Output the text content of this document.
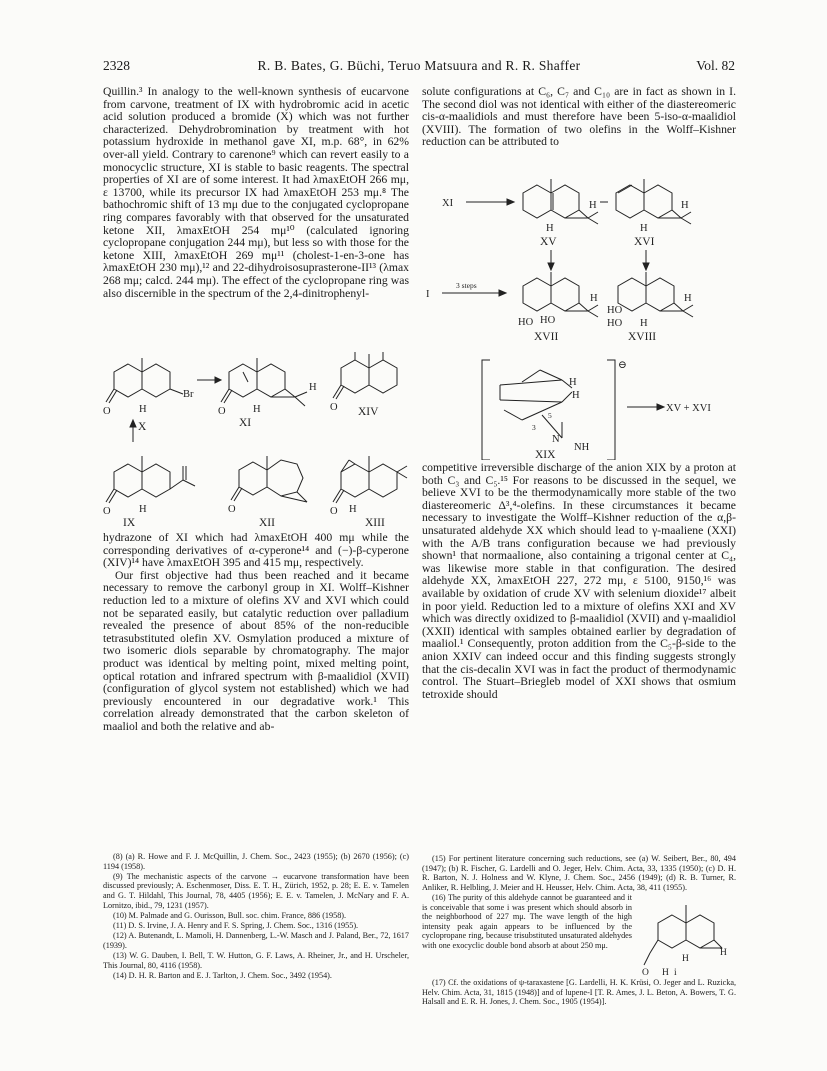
2328	R. B. Bates, G. Büchi, Teruo Matsuura and R. R. Shaffer	Vol. 82

Quillin.³ In analogy to the well-known synthesis of eucarvone from carvone, treatment of IX with hydrobromic acid in acetic acid solution produced a bromide (X) which was not further characterized. Dehydrobromination by treatment with hot potassium hydroxide in methanol gave XI, m.p. 68°, in 62% over-all yield. Contrary to carenone⁹ which can revert easily to a monocyclic structure, XI is stable to basic reagents. The spectral properties of XI are of some interest. It had λmaxEtOH 266 mμ, ε 13700, while its precursor IX had λmaxEtOH 253 mμ.⁸ The bathochromic shift of 13 mμ due to the conjugated cyclopropane ring compares favorably with that observed for the unsaturated ketone XII, λmaxEtOH 254 mμ¹⁰ (calculated ignoring cyclopropane conjugation 244 mμ), but less so with those for the ketone XIII, λmaxEtOH 269 mμ¹¹ (cholest-1-en-3-one has λmaxEtOH 230 mμ),¹² and 22-dihydroisosuprasterone-II¹³ (λmax 268 mμ; calcd. 244 mμ). The effect of the cyclopropane ring was also discernible in the spectrum of the 2,4-dinitrophenyl-

Br
O	H
X
O	H
H
XI
O XIV
O	H
IX
O
XII
O H
XIII

hydrazone of XI which had λmaxEtOH 400 mμ while the corresponding derivatives of α-cyperone¹⁴ and (−)-β-cyperone (XIV)¹⁴ have λmaxEtOH 395 and 415 mμ, respectively.

Our first objective had thus been reached and it became necessary to remove the carbonyl group in XI. Wolff–Kishner reduction led to a mixture of olefins XV and XVI which could not be separated easily, but catalytic reduction over palladium revealed the presence of about 85% of the non-reducible tetrasubstituted olefin XV. Osmylation produced a mixture of two isomeric diols separable by chromatography. The major product was identical by melting point, mixed melting point, optical rotation and infrared spectrum with β-maalidiol (XVII) (configuration of glycol system not established) which we had previously encountered in our degradative work.¹ This correlation already demonstrated that the carbon skeleton of maaliol and both the relative and ab-

(8) (a) R. Howe and F. J. McQuillin, J. Chem. Soc., 2423 (1955); (b) 2670 (1956); (c) 1194 (1958).

(9) The mechanistic aspects of the carvone → eucarvone transformation have been discussed previously; A. Eschenmoser, Diss. E. T. H., Zürich, 1952, p. 28; E. E. v. Tamelen and G. T. Hildahl, This Journal, 78, 4405 (1956); E. E. v. Tamelen, J. McNary and F. A. Lornitzo, ibid., 79, 1231 (1957).

(10) M. Palmade and G. Ourisson, Bull. soc. chim. France, 886 (1958).

(11) D. S. Irvine, J. A. Henry and F. S. Spring, J. Chem. Soc., 1316 (1955).

(12) A. Butenandt, L. Mamoli, H. Dannenberg, L.-W. Masch and J. Paland, Ber., 72, 1617 (1939).

(13) W. G. Dauben, I. Bell, T. W. Hutton, G. F. Laws, A. Rheiner, Jr., and H. Urscheler, This Journal, 80, 4116 (1958).

(14) D. H. R. Barton and E. J. Tarlton, J. Chem. Soc., 3492 (1954).

solute configurations at C₆, C₇ and C₁₀ are in fact as shown in I. The second diol was not identical with either of the diastereomeric cis-α-maalidiols and must therefore have been 5-iso-α-maalidiol (XVIII). The formation of two olefins in the Wolff–Kishner reduction can be attributed to

XI	H
H
XV
H
H
XVI
I
3 steps
H
HO HO
XVII
H
HO
HO H
XVIII
⊖
H
H
5
3
N
NH
XV + XVI
XIX

competitive irreversible discharge of the anion XIX by a proton at both C₃ and C₅.¹⁵ For reasons to be discussed in the sequel, we believe XVI to be the thermodynamically more stable of the two diastereomeric Δ³,⁴-olefins. In these circumstances it became necessary to investigate the Wolff–Kishner reduction of the α,β-unsaturated aldehyde XX which should lead to γ-maaliene (XXI) with the A/B trans configuration because we had previously shown¹ that normaalione, also containing a trigonal center at C₄, was likewise more stable in that configuration. The desired aldehyde XX, λmaxEtOH 227, 272 mμ, ε 5100, 9150,¹⁶ was available by oxidation of crude XV with selenium dioxide¹⁷ albeit in poor yield. Reduction led to a mixture of olefins XXI and XV which was directly oxidized to β-maalidiol (XVII) and γ-maalidiol (XXII) identical with samples obtained earlier by degradation of maaliol.¹ Consequently, proton addition from the C₅-β-side to the anion XXIV can indeed occur and this finding suggests strongly that the cis-decalin XVI was in fact the product of thermodynamic control. The Stuart–Briegleb model of XXI shows that osmium tetroxide should

(15) For pertinent literature concerning such reductions, see (a) W. Seibert, Ber., 80, 494 (1947); (b) R. Fischer, G. Lardelli and O. Jeger, Helv. Chim. Acta, 33, 1335 (1950); (c) D. H. R. Barton, N. J. Holness and W. Klyne, J. Chem. Soc., 2456 (1949); (d) R. B. Turner, R. Anliker, R. Helbling, J. Meier and H. Heusser, Helv. Chim. Acta, 38, 411 (1955).

(16) The purity of this aldehyde cannot be guaranteed and it is conceivable that some i was present which should absorb in the neighborhood of 227 mμ. The wave length of the high intensity peak again appears to be influenced by the cyclopropane ring, because trisubstituted unsaturated aldehydes with one exocyclic double bond absorb at about 250 mμ.

H
H
O H i

(17) Cf. the oxidations of ψ-taraxastene [G. Lardelli, H. K. Krüsi, O. Jeger and L. Ruzicka, Helv. Chim. Acta, 31, 1815 (1948)] and of lupene-I [T. R. Ames, J. L. Beton, A. Bowers, T. G. Halsall and E. R. H. Jones, J. Chem. Soc., 1905 (1954)].
